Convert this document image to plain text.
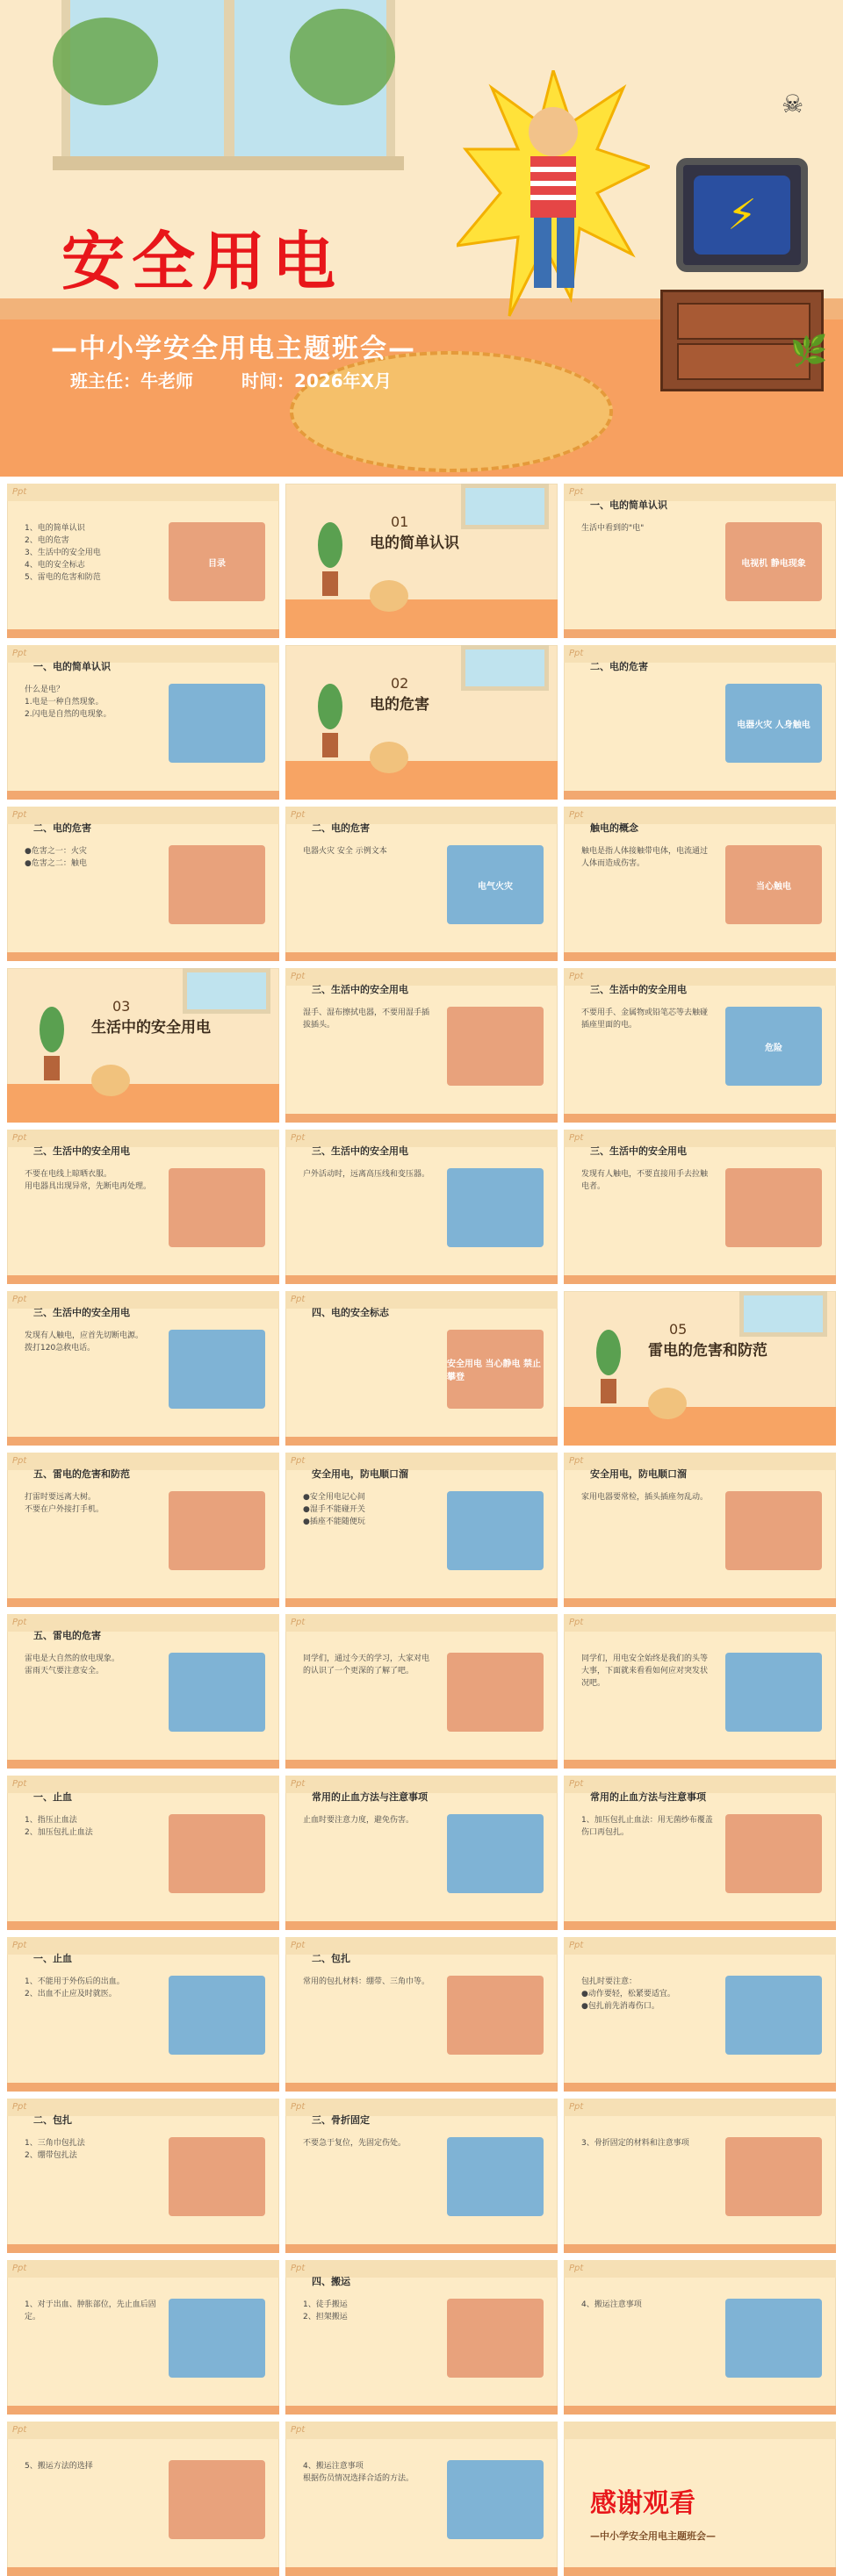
⚡
☠
🌿
安全用电
—中小学安全用电主题班会—
班主任：牛老师	时间：2026年X月
Ppt
1、电的简单认识
2、电的危害
3、生活中的安全用电
4、电的安全标志
5、雷电的危害和防范
目录
01
电的简单认识
Ppt
一、电的简单认识
生活中看到的"电"
电视机 静电现象
Ppt
一、电的简单认识
什么是电？
1.电是一种自然现象。
2.闪电是自然的电现象。
02
电的危害
Ppt
二、电的危害
电器火灾 人身触电
Ppt
二、电的危害
●危害之一：火灾
●危害之二：触电
Ppt
二、电的危害
电器火灾 安全 示例文本
电气火灾
Ppt
触电的概念
触电是指人体接触带电体，电流通过人体而造成伤害。
当心触电
03
生活中的安全用电
Ppt
三、生活中的安全用电
湿手、湿布擦拭电器，不要用湿手插拔插头。
Ppt
三、生活中的安全用电
不要用手、金属物或铅笔芯等去触碰插座里面的电。
危险
Ppt
三、生活中的安全用电
不要在电线上晾晒衣服。
用电器具出现异常，先断电再处理。
Ppt
三、生活中的安全用电
户外活动时，远离高压线和变压器。
Ppt
三、生活中的安全用电
发现有人触电，不要直接用手去拉触电者。
Ppt
三、生活中的安全用电
发现有人触电，应首先切断电源。
拨打120急救电话。
Ppt
四、电的安全标志
安全用电 当心静电 禁止攀登
05
雷电的危害和防范
Ppt
五、雷电的危害和防范
打雷时要远离大树。
不要在户外接打手机。
Ppt
安全用电，防电顺口溜
●安全用电记心间
●湿手不能碰开关
●插座不能随便玩
Ppt
安全用电，防电顺口溜
家用电器要常检，插头插座勿乱动。
Ppt
五、雷电的危害
雷电是大自然的放电现象。
雷雨天气要注意安全。
Ppt
同学们，通过今天的学习，大家对电的认识了一个更深的了解了吧。
Ppt
同学们，用电安全始终是我们的头等大事，下面就来看看如何应对突发状况吧。
Ppt
一、止血
1、指压止血法
2、加压包扎止血法
Ppt
常用的止血方法与注意事项
止血时要注意力度，避免伤害。
Ppt
常用的止血方法与注意事项
1、加压包扎止血法：用无菌纱布覆盖伤口再包扎。
Ppt
一、止血
1、不能用于外伤后的出血。
2、出血不止应及时就医。
Ppt
二、包扎
常用的包扎材料：绷带、三角巾等。
Ppt
包扎时要注意：
●动作要轻，松紧要适宜。
●包扎前先消毒伤口。
Ppt
二、包扎
1、三角巾包扎法
2、绷带包扎法
Ppt
三、骨折固定
不要急于复位，先固定伤处。
Ppt
3、骨折固定的材料和注意事项
Ppt
1、对于出血、肿胀部位，先止血后固定。
Ppt
四、搬运
1、徒手搬运
2、担架搬运
Ppt
4、搬运注意事项
Ppt
5、搬运方法的选择
Ppt
4、搬运注意事项
根据伤员情况选择合适的方法。
感谢观看
—中小学安全用电主题班会—
